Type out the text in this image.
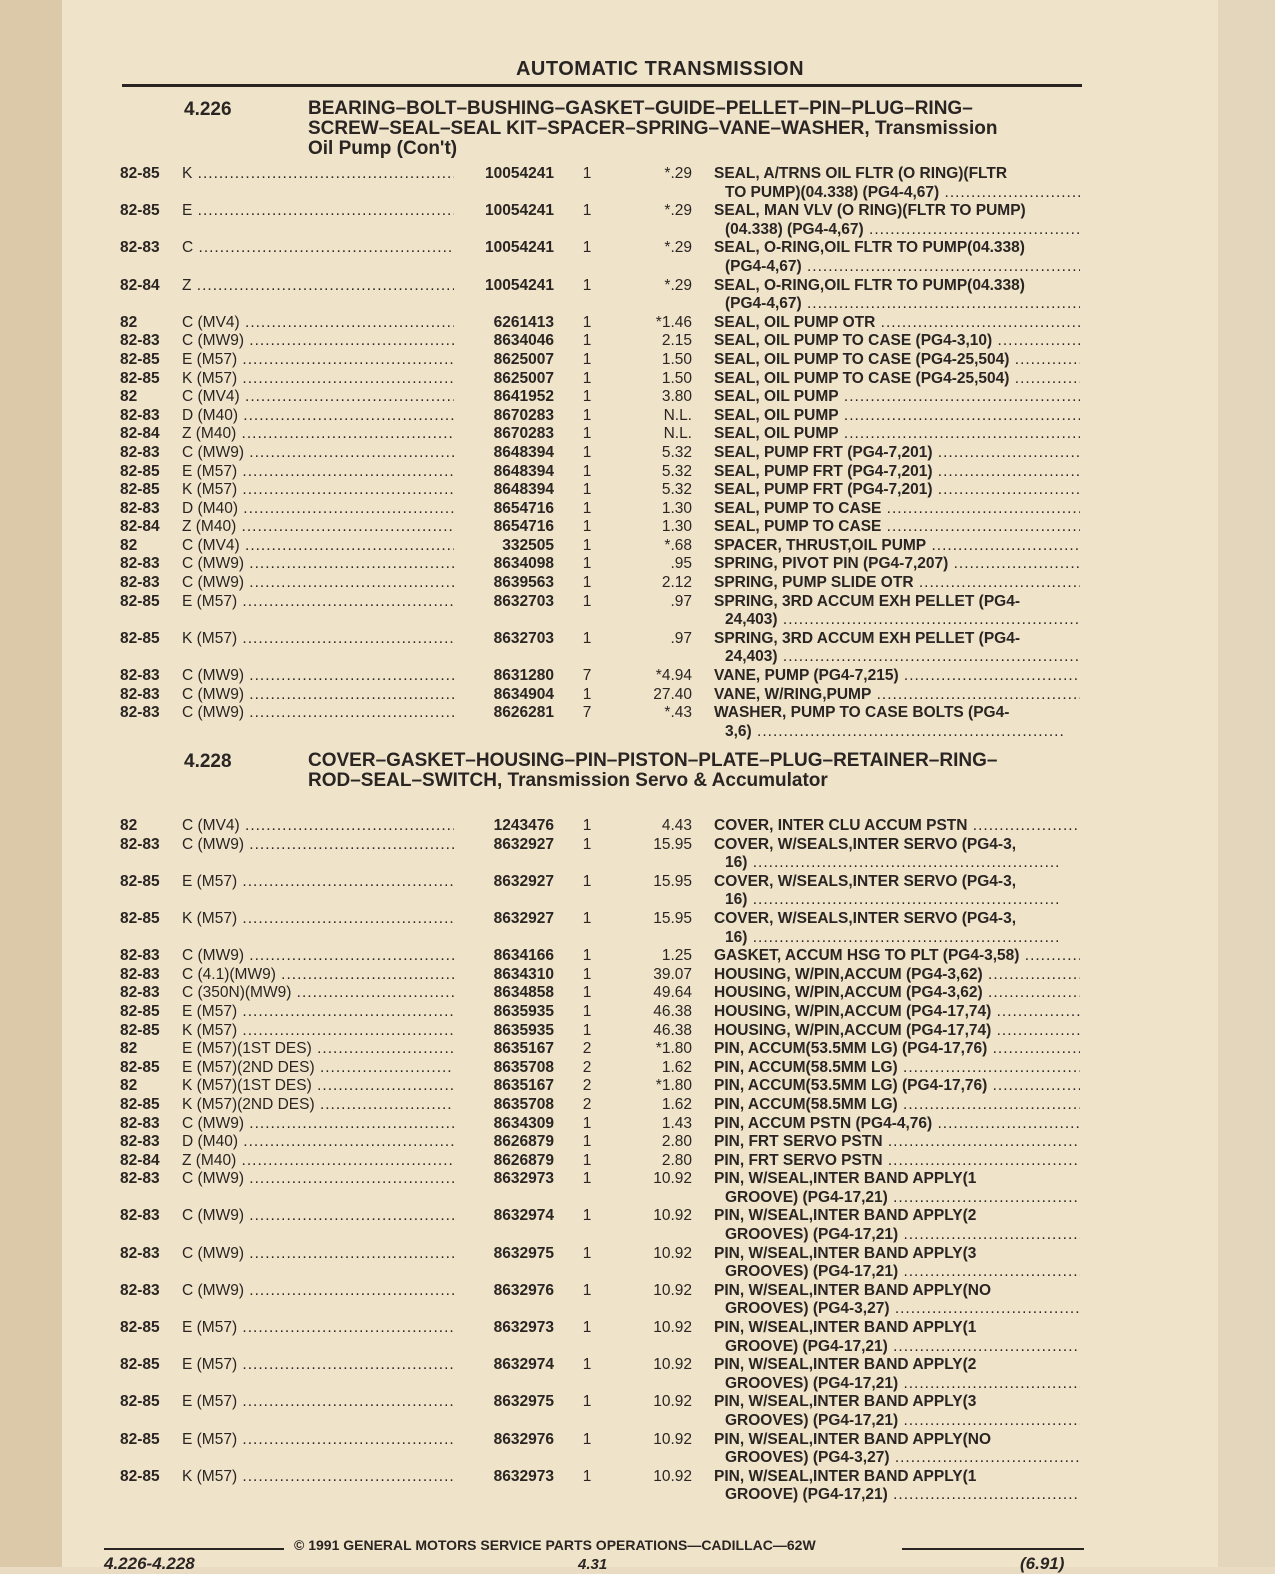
AUTOMATIC TRANSMISSION
4.226	BEARING–BOLT–BUSHING–GASKET–GUIDE–PELLET–PIN–PLUG–RING–SCREW–SEAL–SEAL KIT–SPACER–SPRING–VANE–WASHER, Transmission Oil Pump (Con't)
82-85 K .....	10054241	1	*.29 SEAL, A/TRNS OIL FLTR (O RING)(FLTR
TO PUMP)(04.338) (PG4-4,67) .....
82-85 E .....	10054241	1	*.29 SEAL, MAN VLV (O RING)(FLTR TO PUMP)
(04.338) (PG4-4,67) .....
82-83 C .....	10054241	1	*.29 SEAL, O-RING,OIL FLTR TO PUMP(04.338)
(PG4-4,67) .....
82-84 Z .....	10054241	1	*.29 SEAL, O-RING,OIL FLTR TO PUMP(04.338)
(PG4-4,67) .....
82	C (MV4) .....	6261413	1	*1.46 SEAL, OIL PUMP OTR .....
82-83 C (MW9) .....	8634046	1	2.15 SEAL, OIL PUMP TO CASE (PG4-3,10) .....
82-85 E (M57) .....	8625007	1	1.50 SEAL, OIL PUMP TO CASE (PG4-25,504) .....
82-85 K (M57) .....	8625007	1	1.50 SEAL, OIL PUMP TO CASE (PG4-25,504) .....
82	C (MV4) .....	8641952	1	3.80 SEAL, OIL PUMP .....
82-83 D (M40) .....	8670283	1	N.L. SEAL, OIL PUMP .....
82-84 Z (M40) .....	8670283	1	N.L. SEAL, OIL PUMP .....
82-83 C (MW9) .....	8648394	1	5.32 SEAL, PUMP FRT (PG4-7,201) .....
82-85 E (M57) .....	8648394	1	5.32 SEAL, PUMP FRT (PG4-7,201) .....
82-85 K (M57) .....	8648394	1	5.32 SEAL, PUMP FRT (PG4-7,201) .....
82-83 D (M40) .....	8654716	1	1.30 SEAL, PUMP TO CASE .....
82-84 Z (M40) .....	8654716	1	1.30 SEAL, PUMP TO CASE .....
82	C (MV4) .....	332505	1	*.68 SPACER, THRUST,OIL PUMP .....
82-83 C (MW9) .....	8634098	1	.95 SPRING, PIVOT PIN (PG4-7,207) .....
82-83 C (MW9) .....	8639563	1	2.12 SPRING, PUMP SLIDE OTR .....
82-85 E (M57) .....	8632703	1	.97 SPRING, 3RD ACCUM EXH PELLET (PG4-
24,403) .....
82-85 K (M57) .....	8632703	1	.97 SPRING, 3RD ACCUM EXH PELLET (PG4-
24,403) .....
82-83 C (MW9) .....	8631280	7	*4.94 VANE, PUMP (PG4-7,215) .....
82-83 C (MW9) .....	8634904	1	27.40 VANE, W/RING,PUMP .....
82-83 C (MW9) .....	8626281	7	*.43 WASHER, PUMP TO CASE BOLTS (PG4-
3,6) .....
4.228	COVER–GASKET–HOUSING–PIN–PISTON–PLATE–PLUG–RETAINER–RING–ROD–SEAL–SWITCH, Transmission Servo & Accumulator
82	C (MV4) .....	1243476	1	4.43 COVER, INTER CLU ACCUM PSTN .....
82-83 C (MW9) .....	8632927	1	15.95 COVER, W/SEALS,INTER SERVO (PG4-3,
16) .....
82-85 E (M57) .....	8632927	1	15.95 COVER, W/SEALS,INTER SERVO (PG4-3,
16) .....
82-85 K (M57) .....	8632927	1	15.95 COVER, W/SEALS,INTER SERVO (PG4-3,
16) .....
82-83 C (MW9) .....	8634166	1	1.25 GASKET, ACCUM HSG TO PLT (PG4-3,58) .....
82-83 C (4.1)(MW9) .....	8634310	1	39.07 HOUSING, W/PIN,ACCUM (PG4-3,62) .....
82-83 C (350N)(MW9) .....	8634858	1	49.64 HOUSING, W/PIN,ACCUM (PG4-3,62) .....
82-85 E (M57) .....	8635935	1	46.38 HOUSING, W/PIN,ACCUM (PG4-17,74) .....
82-85 K (M57) .....	8635935	1	46.38 HOUSING, W/PIN,ACCUM (PG4-17,74) .....
82	E (M57)(1ST DES) .....	8635167	2	*1.80 PIN, ACCUM(53.5MM LG) (PG4-17,76) .....
82-85 E (M57)(2ND DES) .....	8635708	2	1.62 PIN, ACCUM(58.5MM LG) .....
82	K (M57)(1ST DES) .....	8635167	2	*1.80 PIN, ACCUM(53.5MM LG) (PG4-17,76) .....
82-85 K (M57)(2ND DES) .....	8635708	2	1.62 PIN, ACCUM(58.5MM LG) .....
82-83 C (MW9) .....	8634309	1	1.43 PIN, ACCUM PSTN (PG4-4,76) .....
82-83 D (M40) .....	8626879	1	2.80 PIN, FRT SERVO PSTN .....
82-84 Z (M40) .....	8626879	1	2.80 PIN, FRT SERVO PSTN .....
82-83 C (MW9) .....	8632973	1	10.92 PIN, W/SEAL,INTER BAND APPLY(1
GROOVE) (PG4-17,21) .....
82-83 C (MW9) .....	8632974	1	10.92 PIN, W/SEAL,INTER BAND APPLY(2
GROOVES) (PG4-17,21) .....
82-83 C (MW9) .....	8632975	1	10.92 PIN, W/SEAL,INTER BAND APPLY(3
GROOVES) (PG4-17,21) .....
82-83 C (MW9) .....	8632976	1	10.92 PIN, W/SEAL,INTER BAND APPLY(NO
GROOVES) (PG4-3,27) .....
82-85 E (M57) .....	8632973	1	10.92 PIN, W/SEAL,INTER BAND APPLY(1
GROOVE) (PG4-17,21) .....
82-85 E (M57) .....	8632974	1	10.92 PIN, W/SEAL,INTER BAND APPLY(2
GROOVES) (PG4-17,21) .....
82-85 E (M57) .....	8632975	1	10.92 PIN, W/SEAL,INTER BAND APPLY(3
GROOVES) (PG4-17,21) .....
82-85 E (M57) .....	8632976	1	10.92 PIN, W/SEAL,INTER BAND APPLY(NO
GROOVES) (PG4-3,27) .....
82-85 K (M57) .....	8632973	1	10.92 PIN, W/SEAL,INTER BAND APPLY(1
GROOVE) (PG4-17,21) .....
© 1991 GENERAL MOTORS SERVICE PARTS OPERATIONS—CADILLAC—62W
4.226-4.228	4.31	(6.91)
